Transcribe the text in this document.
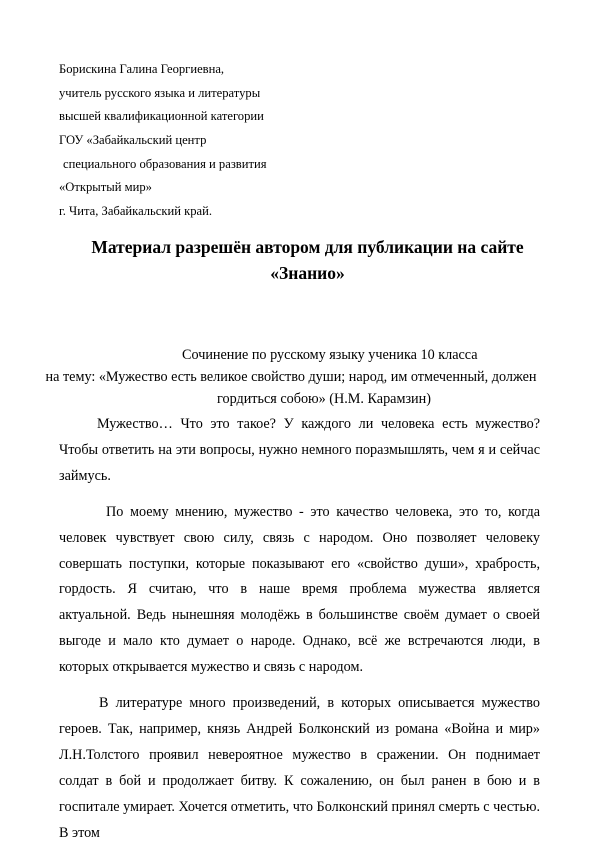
Борискина Галина Георгиевна,
учитель русского языка и литературы
высшей квалификационной категории
ГОУ «Забайкальский центр
специального образования и развития
«Открытый мир»
г. Чита, Забайкальский край.
Материал разрешён автором для публикации на сайте
«Знанио»
Сочинение по русскому языку ученика 10 класса
на тему: «Мужество есть великое свойство души; народ, им отмеченный, должен
гордиться собою» (Н.М. Карамзин)

Мужество… Что это такое? У каждого ли человека есть мужество? Чтобы ответить на эти вопросы, нужно немного поразмышлять, чем я и сейчас займусь.

По моему мнению, мужество - это качество человека, это то, когда человек чувствует свою силу, связь с народом. Оно позволяет человеку совершать поступки, которые показывают его «свойство души», храбрость, гордость. Я считаю, что в наше время проблема мужества является актуальной. Ведь нынешняя молодёжь в большинстве своём думает о своей выгоде и мало кто думает о народе. Однако, всё же встречаются люди, в которых открывается мужество и связь с народом.

В литературе много произведений, в которых описывается мужество героев. Так, например, князь Андрей Болконский из романа «Война и мир» Л.Н.Толстого проявил невероятное мужество в сражении. Он поднимает солдат в бой и продолжает битву. К сожалению, он был ранен в бою и в госпитале умирает. Хочется отметить, что Болконский принял смерть с честью. В этом
